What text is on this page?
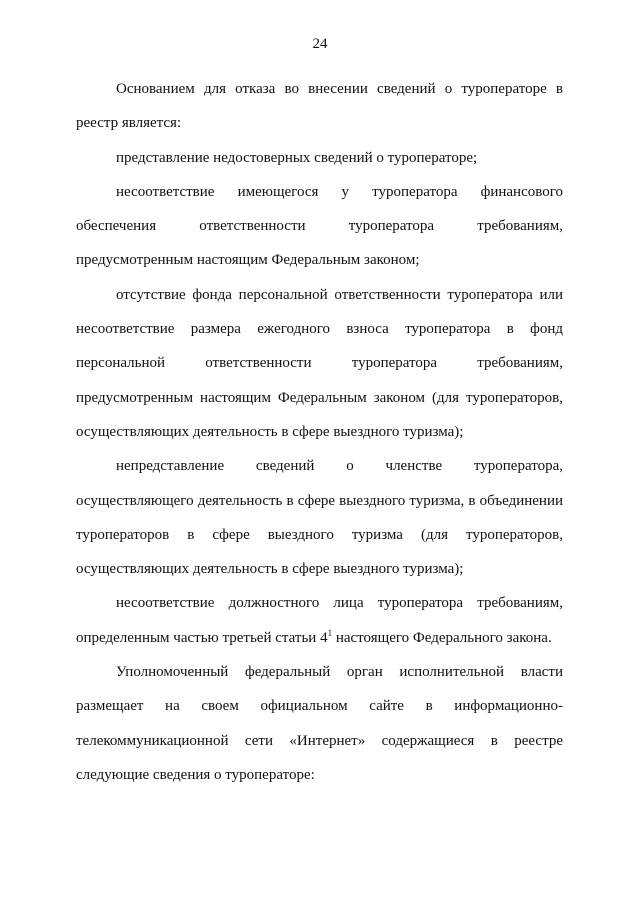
24

Основанием для отказа во внесении сведений о туроператоре в реестр является:

представление недостоверных сведений о туроператоре;

несоответствие имеющегося у туроператора финансового обеспечения ответственности туроператора требованиям, предусмотренным настоящим Федеральным законом;

отсутствие фонда персональной ответственности туроператора или несоответствие размера ежегодного взноса туроператора в фонд персональной ответственности туроператора требованиям, предусмотренным настоящим Федеральным законом (для туроператоров, осуществляющих деятельность в сфере выездного туризма);

непредставление сведений о членстве туроператора, осуществляющего деятельность в сфере выездного туризма, в объединении туроператоров в сфере выездного туризма (для туроператоров, осуществляющих деятельность в сфере выездного туризма);

несоответствие должностного лица туроператора требованиям, определенным частью третьей статьи $4^1$ настоящего Федерального закона.

Уполномоченный федеральный орган исполнительной власти размещает на своем официальном сайте в информационно-телекоммуникационной сети «Интернет» содержащиеся в реестре следующие сведения о туроператоре:
